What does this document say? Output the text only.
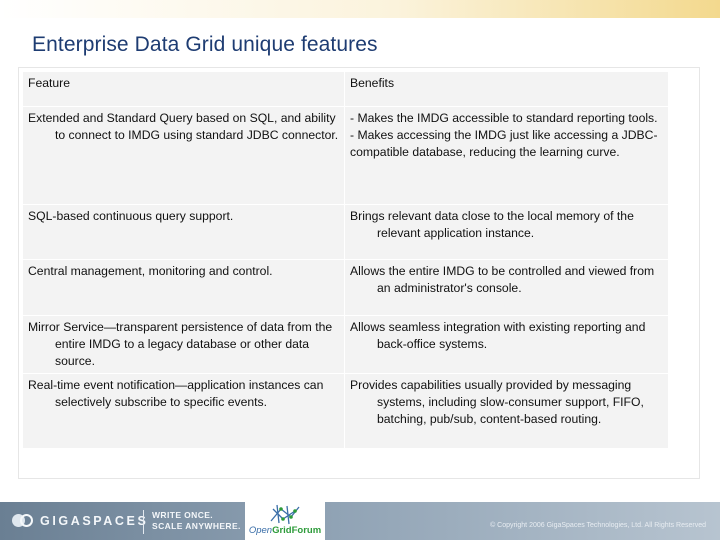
Enterprise Data Grid unique features
Feature	Benefits

Extended and Standard Query based on SQL, and ability to connect to IMDG using standard JDBC connector.	- Makes the IMDG accessible to standard reporting tools.
- Makes accessing the IMDG just like accessing a JDBC-compatible database, reducing the learning curve.

SQL-based continuous query support.	Brings relevant data close to the local memory of the relevant application instance.

Central management, monitoring and control.	Allows the entire IMDG to be controlled and viewed from an administrator's console.

Mirror Service—transparent persistence of data from the entire IMDG to a legacy database or other data source.	Allows seamless integration with existing reporting and back-office systems.

Real-time event notification—application instances can selectively subscribe to specific events.	Provides capabilities usually provided by messaging systems, including slow-consumer support, FIFO, batching, pub/sub, content-based routing.
GIGASPACES WRITE ONCE.
SCALE ANYWHERE.	© Copyright 2006 GigaSpaces Technologies, Ltd. All Rights Reserved
OpenGridForum
